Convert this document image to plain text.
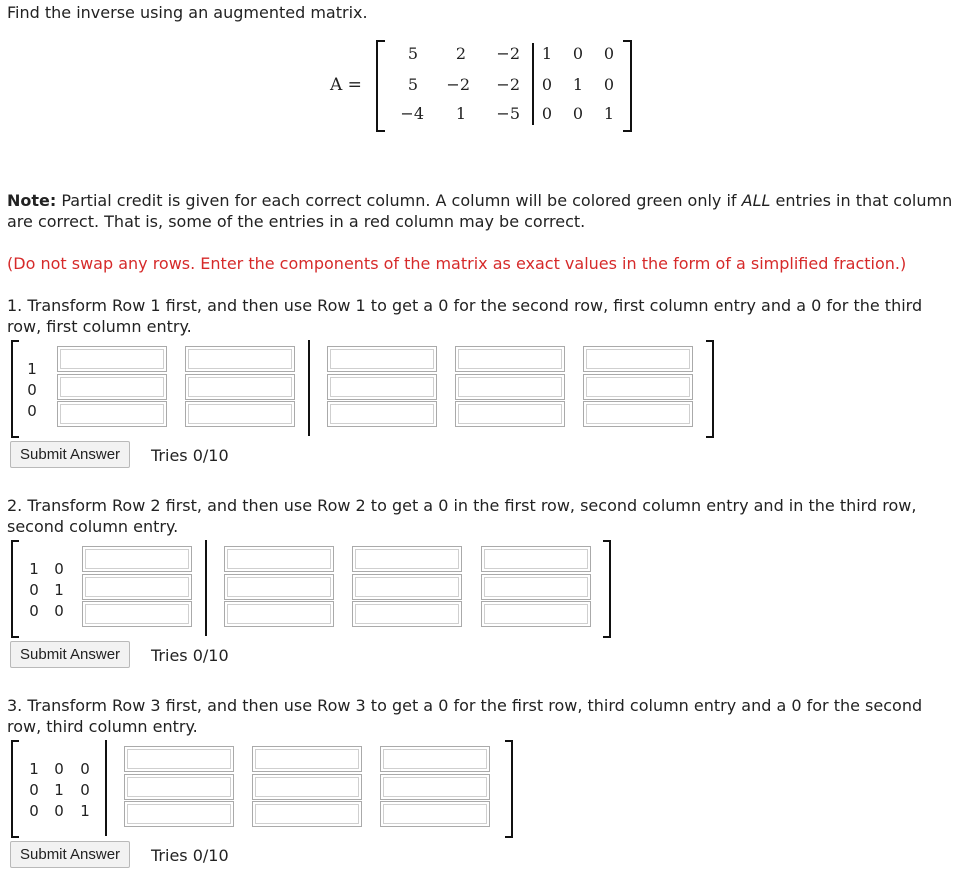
Find the inverse using an augmented matrix.
A =
5	2	−2	1	0	0
5	−2	−2	0	1	0
−4	1	−5	0	0	1
Note: Partial credit is given for each correct column. A column will be colored green only if ALL entries in that column are correct. That is, some of the entries in a red column may be correct.
(Do not swap any rows. Enter the components of the matrix as exact values in the form of a simplified fraction.)
1. Transform Row 1 first, and then use Row 1 to get a 0 for the second row, first column entry and a 0 for the third row, first column entry.
1
0
0
Submit Answer	Tries 0/10
2. Transform Row 2 first, and then use Row 2 to get a 0 in the first row, second column entry and in the third row, second column entry.
1 0
0 1
0 0
Submit Answer	Tries 0/10
3. Transform Row 3 first, and then use Row 3 to get a 0 for the first row, third column entry and a 0 for the second row, third column entry.
1 0 0
0 1 0
0 0 1
Submit Answer	Tries 0/10
